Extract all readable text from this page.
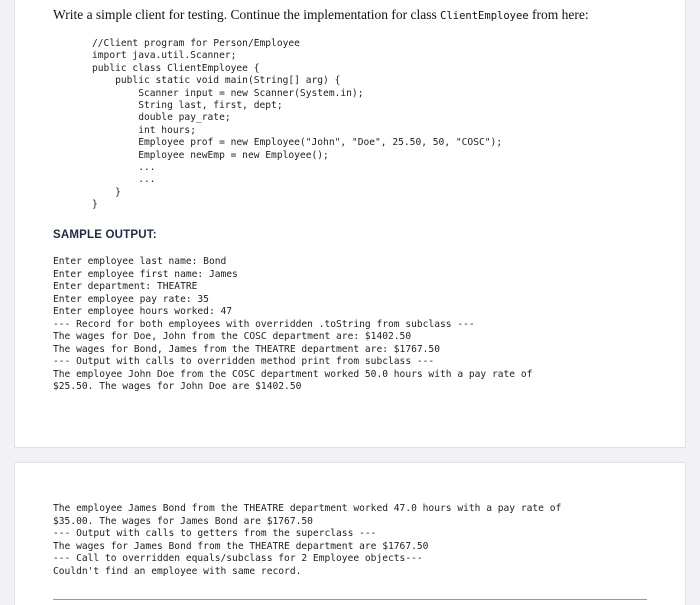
Write a simple client for testing. Continue the implementation for class ClientEmployee from here:
//Client program for Person/Employee
import java.util.Scanner;
public class ClientEmployee {
public static void main(String[] arg) {
Scanner input = new Scanner(System.in);
String last, first, dept;
double pay_rate;
int hours;
Employee prof = new Employee("John", "Doe", 25.50, 50, "COSC");
Employee newEmp = new Employee();
...
...
}
}
SAMPLE OUTPUT:
Enter employee last name: Bond
Enter employee first name: James
Enter department: THEATRE
Enter employee pay rate: 35
Enter employee hours worked: 47
--- Record for both employees with overridden .toString from subclass ---
The wages for Doe, John from the COSC department are: $1402.50
The wages for Bond, James from the THEATRE department are: $1767.50
--- Output with calls to overridden method print from subclass ---
The employee John Doe from the COSC department worked 50.0 hours with a pay rate of
$25.50. The wages for John Doe are $1402.50
The employee James Bond from the THEATRE department worked 47.0 hours with a pay rate of
$35.00. The wages for James Bond are $1767.50
--- Output with calls to getters from the superclass ---
The wages for James Bond from the THEATRE department are $1767.50
--- Call to overridden equals/subclass for 2 Employee objects---
Couldn't find an employee with same record.
